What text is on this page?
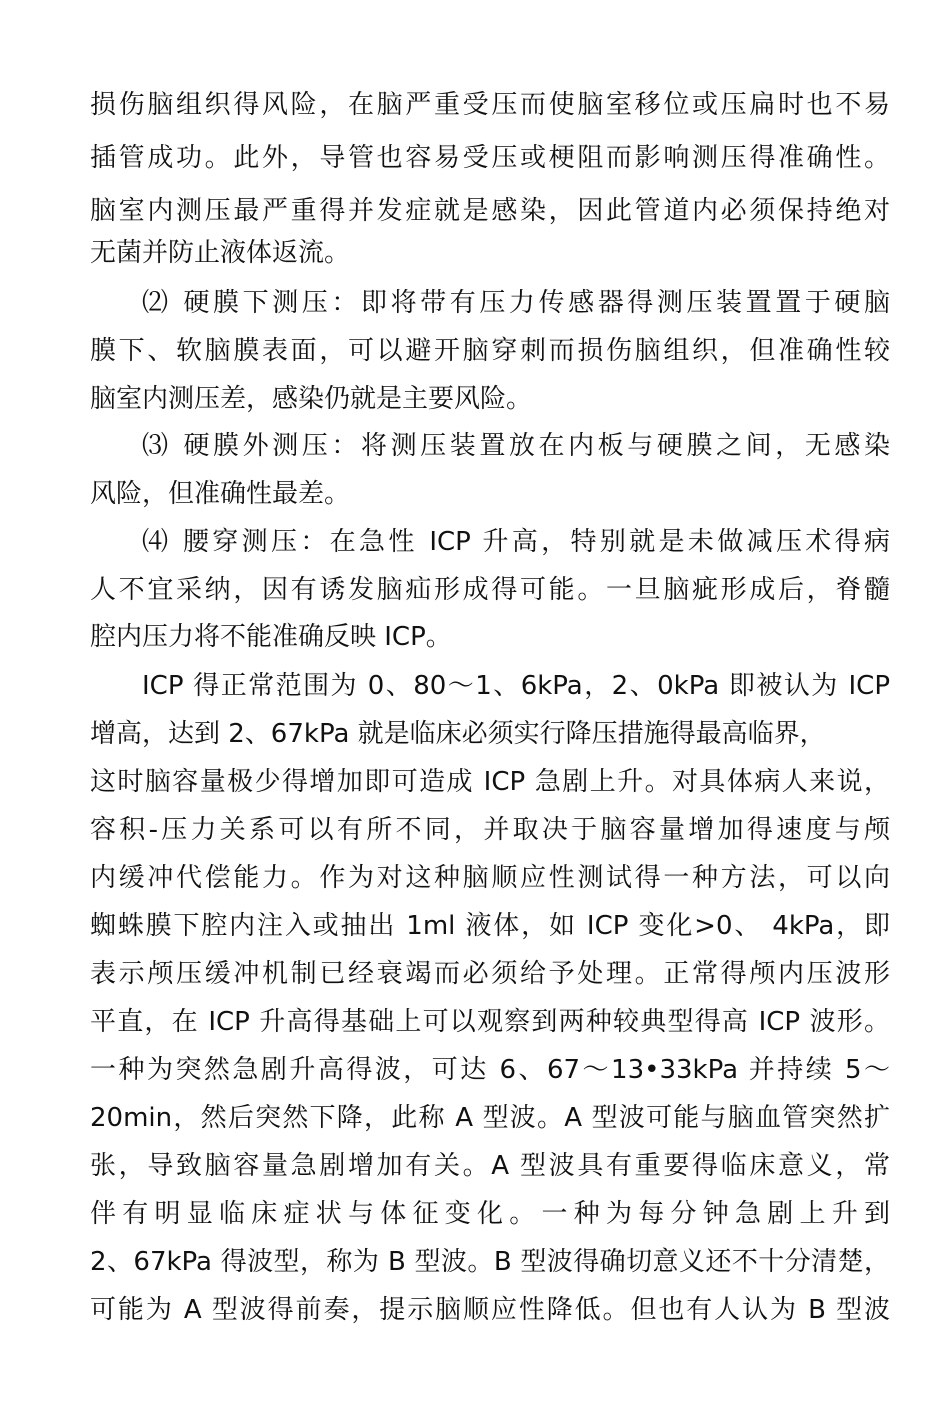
损伤脑组织得风险，在脑严重受压而使脑室移位或压扁时也不易
插管成功。此外，导管也容易受压或梗阻而影响测压得准确性。
脑室内测压最严重得并发症就是感染，因此管道内必须保持绝对
无菌并防止液体返流。
⑵ 硬膜下测压：即将带有压力传感器得测压装置置于硬脑
膜下、软脑膜表面，可以避开脑穿刺而损伤脑组织，但准确性较
脑室内测压差，感染仍就是主要风险。
⑶ 硬膜外测压：将测压装置放在内板与硬膜之间，无感染
风险，但准确性最差。
⑷ 腰穿测压：在急性 ICP 升高，特别就是未做减压术得病
人不宜采纳，因有诱发脑疝形成得可能。一旦脑疵形成后，脊髓
腔内压力将不能准确反映 ICP。
ICP 得正常范围为 0、80～1、6kPa，2、0kPa 即被认为 ICP
增高，达到 2、67kPa 就是临床必须实行降压措施得最高临界，
这时脑容量极少得增加即可造成 ICP 急剧上升。对具体病人来说，
容积-压力关系可以有所不同，并取决于脑容量增加得速度与颅
内缓冲代偿能力。作为对这种脑顺应性测试得一种方法，可以向
蜘蛛膜下腔内注入或抽出 1ml 液体，如 ICP 变化>0、 4kPa，即
表示颅压缓冲机制已经衰竭而必须给予处理。正常得颅内压波形
平直，在 ICP 升高得基础上可以观察到两种较典型得高 ICP 波形。
一种为突然急剧升高得波，可达 6、67～13•33kPa 并持续 5～
20min，然后突然下降，此称 A 型波。A 型波可能与脑血管突然扩
张，导致脑容量急剧增加有关。A 型波具有重要得临床意义，常
伴有明显临床症状与体征变化。一种为每分钟急剧上升到
2、67kPa 得波型，称为 B 型波。B 型波得确切意义还不十分清楚，
可能为 A 型波得前奏，提示脑顺应性降低。但也有人认为 B 型波
